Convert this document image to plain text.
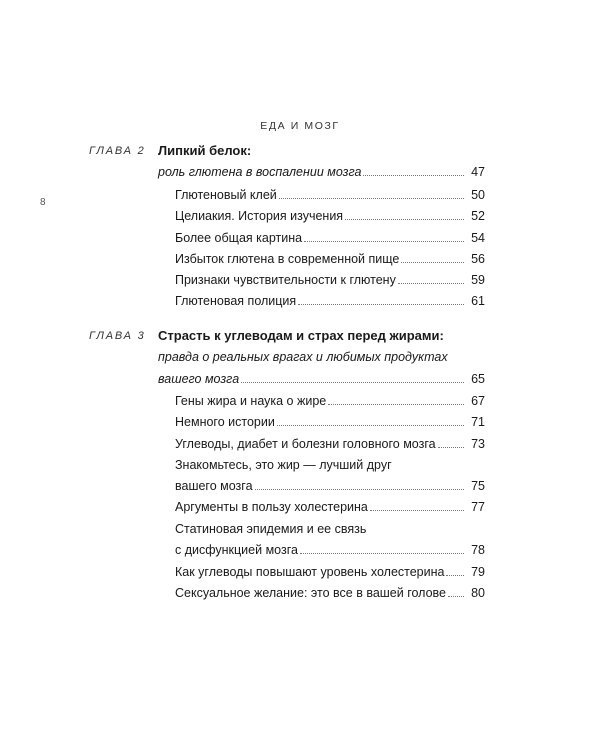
ЕДА И МОЗГ
8
ГЛАВА 2 Липкий белок:
роль глютена в воспалении мозга	47
Глютеновый клей	50
Целиакия. История изучения	52
Более общая картина	54
Избыток глютена в современной пище	56
Признаки чувствительности к глютену	59
Глютеновая полиция	61
ГЛАВА 3 Страсть к углеводам и страх перед жирами:
правда о реальных врагах и любимых продуктах
вашего мозга	65
Гены жира и наука о жире	67
Немного истории	71
Углеводы, диабет и болезни головного мозга	73
Знакомьтесь, это жир — лучший друг
вашего мозга	75
Аргументы в пользу холестерина	77
Статиновая эпидемия и ее связь
с дисфункцией мозга	78
Как углеводы повышают уровень холестерина	79
Сексуальное желание: это все в вашей голове	80
